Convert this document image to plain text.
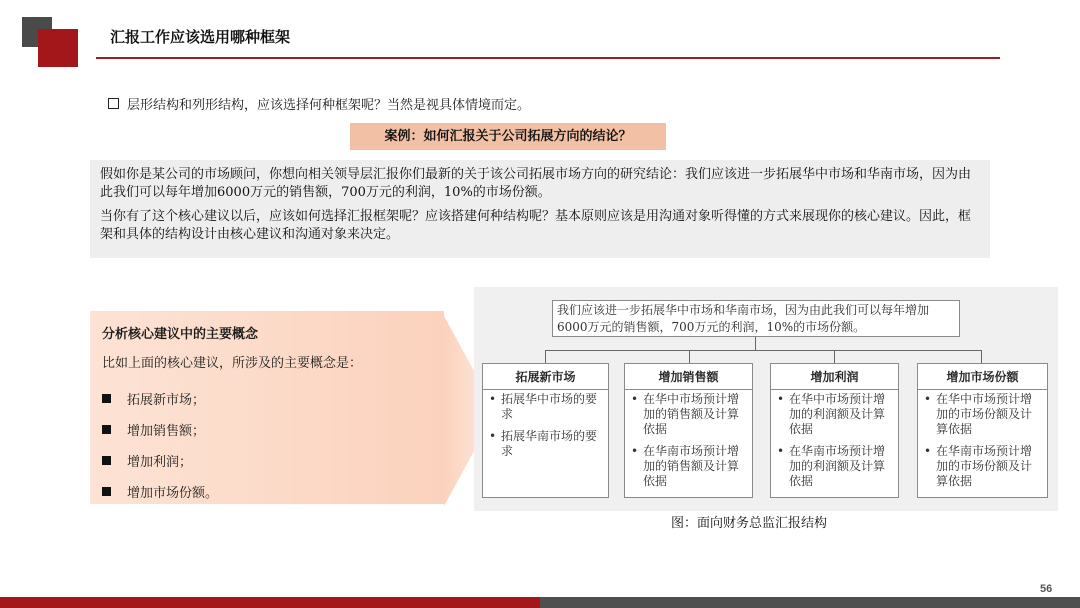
汇报工作应该选用哪种框架
层形结构和列形结构，应该选择何种框架呢？当然是视具体情境而定。
案例：如何汇报关于公司拓展方向的结论？

假如你是某公司的市场顾问，你想向相关领导层汇报你们最新的关于该公司拓展市场方向的研究结论：我们应该进一步拓展华中市场和华南市场，因为由此我们可以每年增加6000万元的销售额，700万元的利润，10%的市场份额。

当你有了这个核心建议以后，应该如何选择汇报框架呢？应该搭建何种结构呢？基本原则应该是用沟通对象听得懂的方式来展现你的核心建议。因此，框架和具体的结构设计由核心建议和沟通对象来决定。

分析核心建议中的主要概念
比如上面的核心建议，所涉及的主要概念是：
拓展新市场；
增加销售额；
增加利润；
增加市场份额。
我们应该进一步拓展华中市场和华南市场，因为由此我们可以每年增加6000万元的销售额，700万元的利润，10%的市场份额。
拓展新市场
• 拓展华中市场的要求
• 拓展华南市场的要求
增加销售额
• 在华中市场预计增加的销售额及计算依据
• 在华南市场预计增加的销售额及计算依据
增加利润
• 在华中市场预计增加的利润额及计算依据
• 在华南市场预计增加的利润额及计算依据
增加市场份额
• 在华中市场预计增加的市场份额及计算依据
• 在华南市场预计增加的市场份额及计算依据
图：面向财务总监汇报结构
56
